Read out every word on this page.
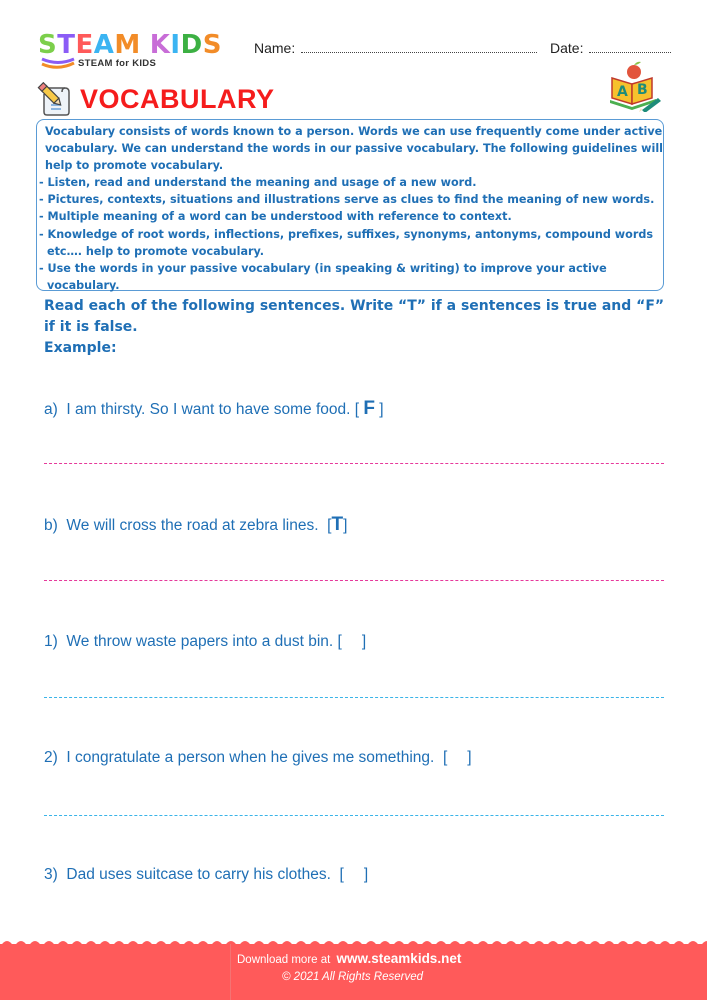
STEAM KIDS
STEAM for KIDS
Name:	Date:
VOCABULARY	A B

Vocabulary consists of words known to a person. Words we can use frequently come under active

vocabulary. We can understand the words in our passive vocabulary. The following guidelines will

help to promote vocabulary.

- Listen, read and understand the meaning and usage of a new word.

- Pictures, contexts, situations and illustrations serve as clues to find the meaning of new words.

- Multiple meaning of a word can be understood with reference to context.

- Knowledge of root words, inflections, prefixes, suffixes, synonyms, antonyms, compound words

etc…. help to promote vocabulary.

- Use the words in your passive vocabulary (in speaking & writing) to improve your active

vocabulary.

Read each of the following sentences. Write “T” if a sentences is true and “F” if it is false.
Example:
a) I am thirsty. So I want to have some food. [ F ]
b) We will cross the road at zebra lines. [T]
1) We throw waste papers into a dust bin. [ ]
2) I congratulate a person when he gives me something. [ ]
3) Dad uses suitcase to carry his clothes. [ ]
Download more at www.steamkids.net
© 2021 All Rights Reserved
